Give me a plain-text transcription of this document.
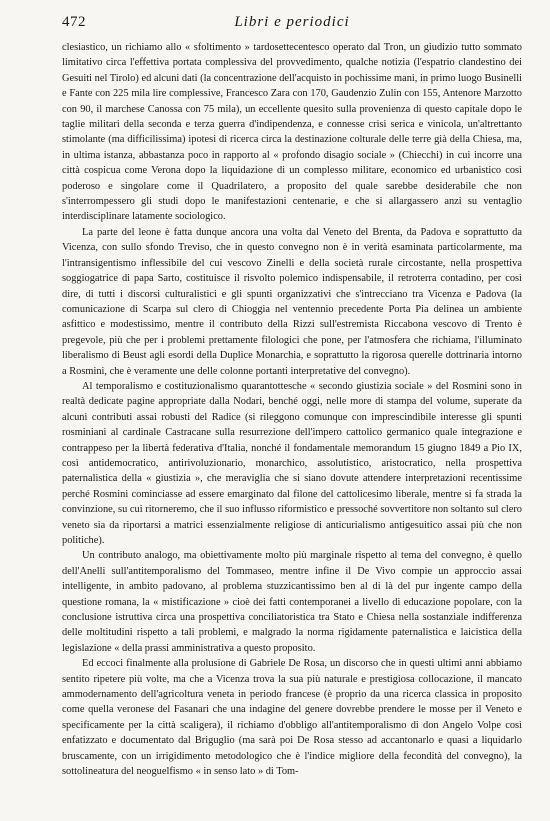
472	Libri e periodici

clesiastico, un richiamo allo « sfoltimento » tardosettecentesco operato dal Tron, un giudizio tutto sommato limitativo circa l'effettiva portata complessiva del provvedimento, qualche notizia (l'espatrio clandestino dei Gesuiti nel Tirolo) ed alcuni dati (la concentrazione dell'acquisto in pochissime mani, in primo luogo Businelli e Fante con 225 mila lire complessive, Francesco Zara con 170, Gaudenzio Zulin con 155, Antenore Marzotto con 90, il marchese Canossa con 75 mila), un eccellente quesito sulla provenienza di questo capitale dopo le taglie militari della seconda e terza guerra d'indipendenza, e connesse crisi serica e vinicola, un'altrettanto stimolante (ma difficilissima) ipotesi di ricerca circa la destinazione colturale delle terre già della Chiesa, ma, in ultima istanza, abbastanza poco in rapporto al « profondo disagio sociale » (Chiecchi) in cui incorre una città cospicua come Verona dopo la liquidazione di un complesso militare, economico ed urbanistico così poderoso e singolare come il Quadrilatero, a proposito del quale sarebbe desiderabile che non s'interrompessero gli studi dopo le manifestazioni centenarie, e che si allargassero anzi su ventaglio interdisciplinare latamente sociologico.

La parte del leone è fatta dunque ancora una volta dal Veneto del Brenta, da Padova e soprattutto da Vicenza, con sullo sfondo Treviso, che in questo convegno non è in verità esaminata particolarmente, ma l'intransigentismo inflessibile del cui vescovo Zinelli e della società rurale circostante, nella prospettiva soggiogatrice di papa Sarto, costituisce il risvolto polemico indispensabile, il retroterra contadino, per così dire, di tutti i discorsi culturalistici e gli spunti organizzativi che s'intrecciano tra Vicenza e Padova (la comunicazione di Scarpa sul clero di Chioggia nel ventennio precedente Porta Pia delinea un ambiente asfittico e modestissimo, mentre il contributo della Rizzi sull'estremista Riccabona vescovo di Trento è pregevole, più che per i problemi prettamente filologici che pone, per l'atmosfera che richiama, l'illuminato liberalismo di Beust agli esordi della Duplice Monarchia, e soprattutto la rigorosa querelle dottrinaria intorno a Rosmini, che è veramente une delle colonne portanti interpretative del convegno).

Al temporalismo e costituzionalismo quarantottesche « secondo giustizia sociale » del Rosmini sono in realtà dedicate pagine appropriate dalla Nodari, benché oggi, nelle more di stampa del volume, superate da alcuni contributi assai robusti del Radice (si rileggono comunque con imprescindibile interesse gli spunti rosminiani al cardinale Castracane sulla resurrezione dell'impero cattolico germanico quale integrazione e contrappeso per la libertà federativa d'Italia, nonché il fondamentale memorandum 15 giugno 1849 a Pio IX, così antidemocratico, antirivoluzionario, monarchico, assolutistico, aristocratico, nella prospettiva paternalistica della « giustizia », che meraviglia che si siano dovute attendere interpretazioni recentissime perché Rosmini cominciasse ad essere emarginato dal filone del cattolicesimo liberale, mentre si fa strada la convinzione, su cui ritorneremo, che il suo influsso riformistico e pressoché sovvertitore non soltanto sul clero veneto sia da riportarsi a matrici essenzialmente religiose di anticurialismo antigesuitico assai più che non politiche).

Un contributo analogo, ma obiettivamente molto più marginale rispetto al tema del convegno, è quello dell'Anelli sull'antitemporalismo del Tommaseo, mentre infine il De Vivo compie un approccio assai intelligente, in ambito padovano, al problema stuzzicantissimo ben al di là del pur ingente campo della questione romana, la « mistificazione » cioè dei fatti contemporanei a livello di educazione popolare, con la conclusione istruttiva circa una prospettiva conciliatoristica tra Stato e Chiesa nella sostanziale indifferenza delle moltitudini rispetto a tali problemi, e malgrado la norma rigidamente paternalistica e laicistica della legislazione « della prassi amministrativa a questo proposito.

Ed eccoci finalmente alla prolusione di Gabriele De Rosa, un discorso che in questi ultimi anni abbiamo sentito ripetere più volte, ma che a Vicenza trova la sua più naturale e prestigiosa collocazione, il mancato ammodernamento dell'agricoltura veneta in periodo francese (è proprio da una ricerca classica in proposito come quella veronese del Fasanari che una indagine del genere dovrebbe prendere le mosse per il Veneto e specificamente per la città scaligera), il richiamo d'obbligo all'antitemporalismo di don Angelo Volpe così enfatizzato e documentato dal Briguglio (ma sarà poi De Rosa stesso ad accantonarlo e quasi a liquidarlo bruscamente, con un irrigidimento metodologico che è l'indice migliore della fecondità del convegno), la sottolineatura del neoguelfismo « in senso lato » di Tom-
